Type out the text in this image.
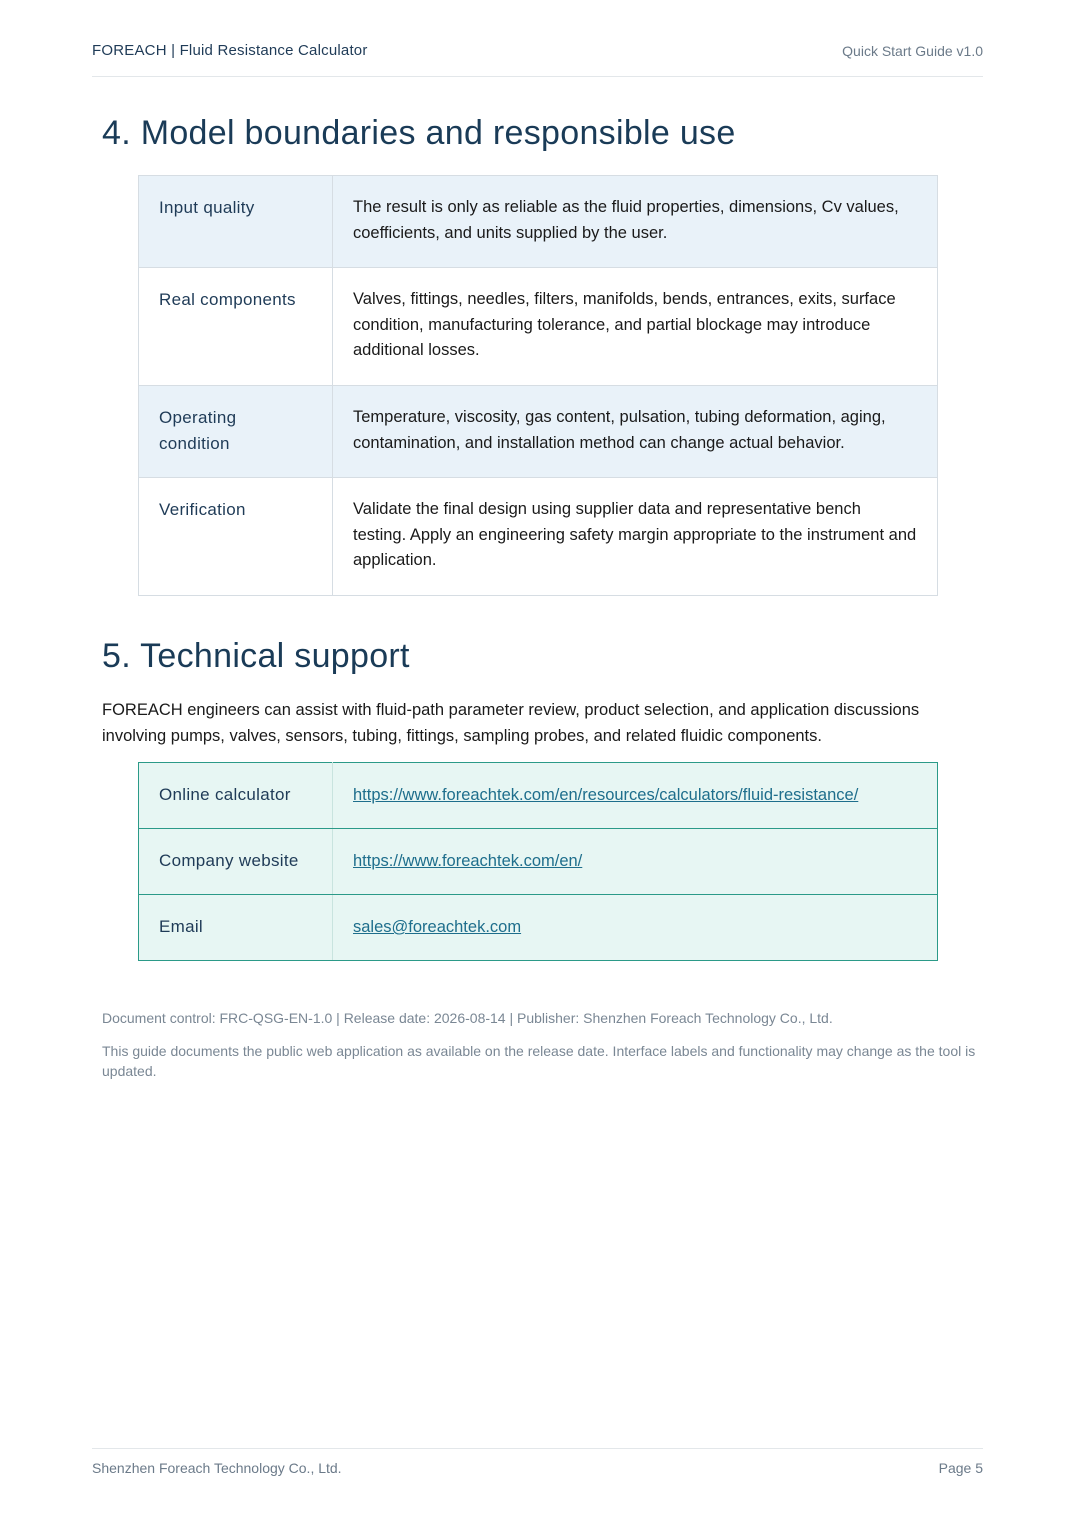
FOREACH | Fluid Resistance Calculator	Quick Start Guide v1.0
4. Model boundaries and responsible use
Input quality	The result is only as reliable as the fluid properties, dimensions, Cv values, coefficients, and units supplied by the user.

Real components	Valves, fittings, needles, filters, manifolds, bends, entrances, exits, surface condition, manufacturing tolerance, and partial blockage may introduce additional losses.

Operating condition	Temperature, viscosity, gas content, pulsation, tubing deformation, aging, contamination, and installation method can change actual behavior.

Verification	Validate the final design using supplier data and representative bench testing. Apply an engineering safety margin appropriate to the instrument and application.
5. Technical support

FOREACH engineers can assist with fluid-path parameter review, product selection, and application discussions involving pumps, valves, sensors, tubing, fittings, sampling probes, and related fluidic components.

Online calculator	https://www.foreachtek.com/en/resources/calculators/fluid-resistance/

Company website	https://www.foreachtek.com/en/

Email	sales@foreachtek.com

Document control: FRC-QSG-EN-1.0 | Release date: 2026-08-14 | Publisher: Shenzhen Foreach Technology Co., Ltd.

This guide documents the public web application as available on the release date. Interface labels and functionality may change as the tool is updated.

Shenzhen Foreach Technology Co., Ltd.	Page 5
